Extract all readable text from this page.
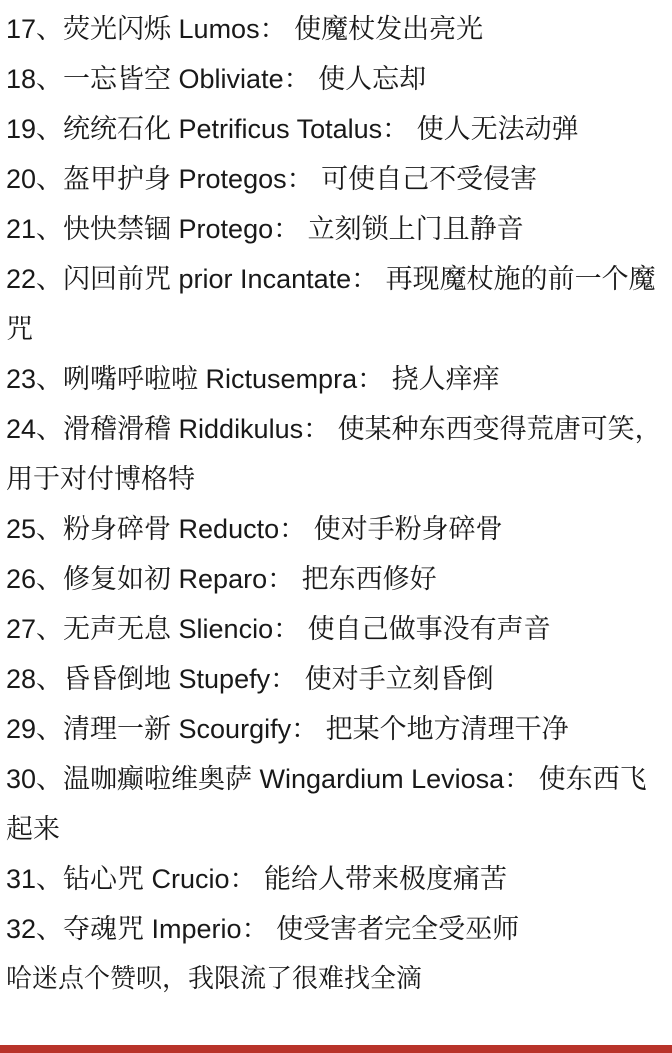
17、荧光闪烁 Lumos： 使魔杖发出亮光
18、一忘皆空 Obliviate： 使人忘却
19、统统石化 Petrificus Totalus： 使人无法动弹
20、盔甲护身 Protegos： 可使自己不受侵害
21、快快禁锢 Protego： 立刻锁上门且静音
22、闪回前咒 prior Incantate： 再现魔杖施的前一个魔咒
23、咧嘴呼啦啦 Rictusempra： 挠人痒痒
24、滑稽滑稽 Riddikulus： 使某种东西变得荒唐可笑，用于对付博格特
25、粉身碎骨 Reducto： 使对手粉身碎骨
26、修复如初 Reparo： 把东西修好
27、无声无息 Sliencio： 使自己做事没有声音
28、昏昏倒地 Stupefy： 使对手立刻昏倒
29、清理一新 Scourgify： 把某个地方清理干净
30、温咖癫啦维奥萨 Wingardium Leviosa： 使东西飞起来
31、钻心咒 Crucio： 能给人带来极度痛苦
32、夺魂咒 Imperio： 使受害者完全受巫师
哈迷点个赞呗，我限流了很难找全滴
